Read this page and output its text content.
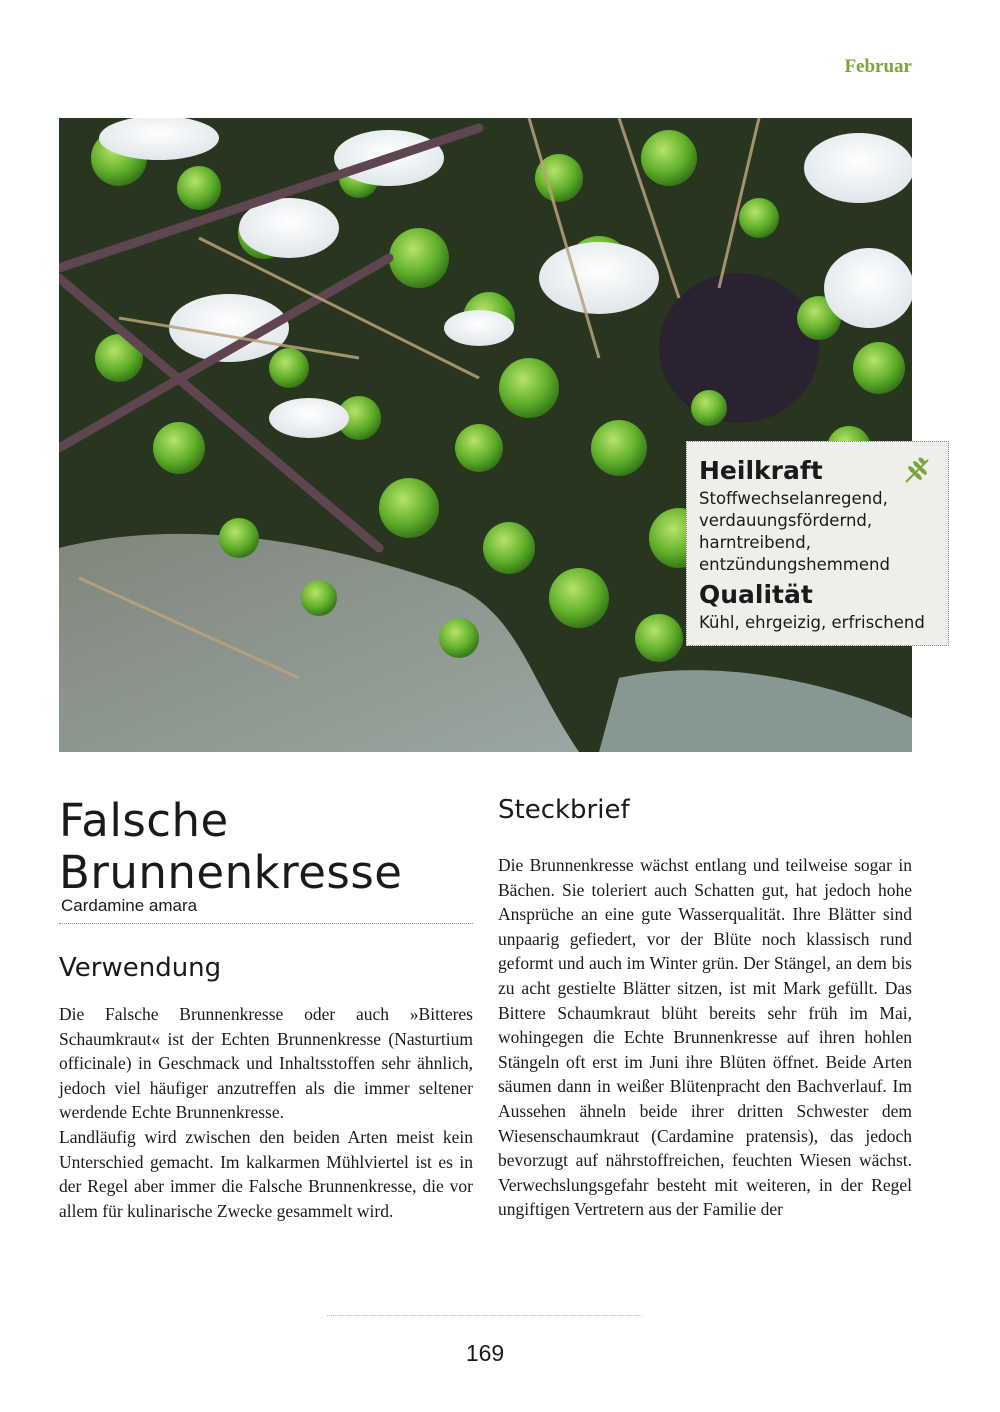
Februar
Heilkraft
Stoffwechselanregend, verdauungsfördernd, harntreibend, entzündungshemmend
Qualität
Kühl, ehrgeizig, erfrischend
Falsche
Brunnenkresse
Cardamine amara
Verwendung

Die Falsche Brunnenkresse oder auch »Bitteres Schaumkraut« ist der Echten Brunnenkresse (Nasturtium officinale) in Geschmack und Inhaltsstoffen sehr ähnlich, jedoch viel häufiger anzutreffen als die immer seltener werdende Echte Brunnenkresse.

Landläufig wird zwischen den beiden Arten meist kein Unterschied gemacht. Im kalkarmen Mühlviertel ist es in der Regel aber immer die Falsche Brunnenkresse, die vor allem für kulinarische Zwecke gesammelt wird.

Steckbrief

Die Brunnenkresse wächst entlang und teilweise sogar in Bächen. Sie toleriert auch Schatten gut, hat jedoch hohe Ansprüche an eine gute Wasserqualität. Ihre Blätter sind unpaarig gefiedert, vor der Blüte noch klassisch rund geformt und auch im Winter grün. Der Stängel, an dem bis zu acht gestielte Blätter sitzen, ist mit Mark gefüllt. Das Bittere Schaumkraut blüht bereits sehr früh im Mai, wohingegen die Echte Brunnenkresse auf ihren hohlen Stängeln oft erst im Juni ihre Blüten öffnet. Beide Arten säumen dann in weißer Blütenpracht den Bachverlauf. Im Aussehen ähneln beide ihrer dritten Schwester dem Wiesenschaumkraut (Cardamine pratensis), das jedoch bevorzugt auf nährstoffreichen, feuchten Wiesen wächst. Verwechslungsgefahr besteht mit weiteren, in der Regel ungiftigen Vertretern aus der Familie der

169
